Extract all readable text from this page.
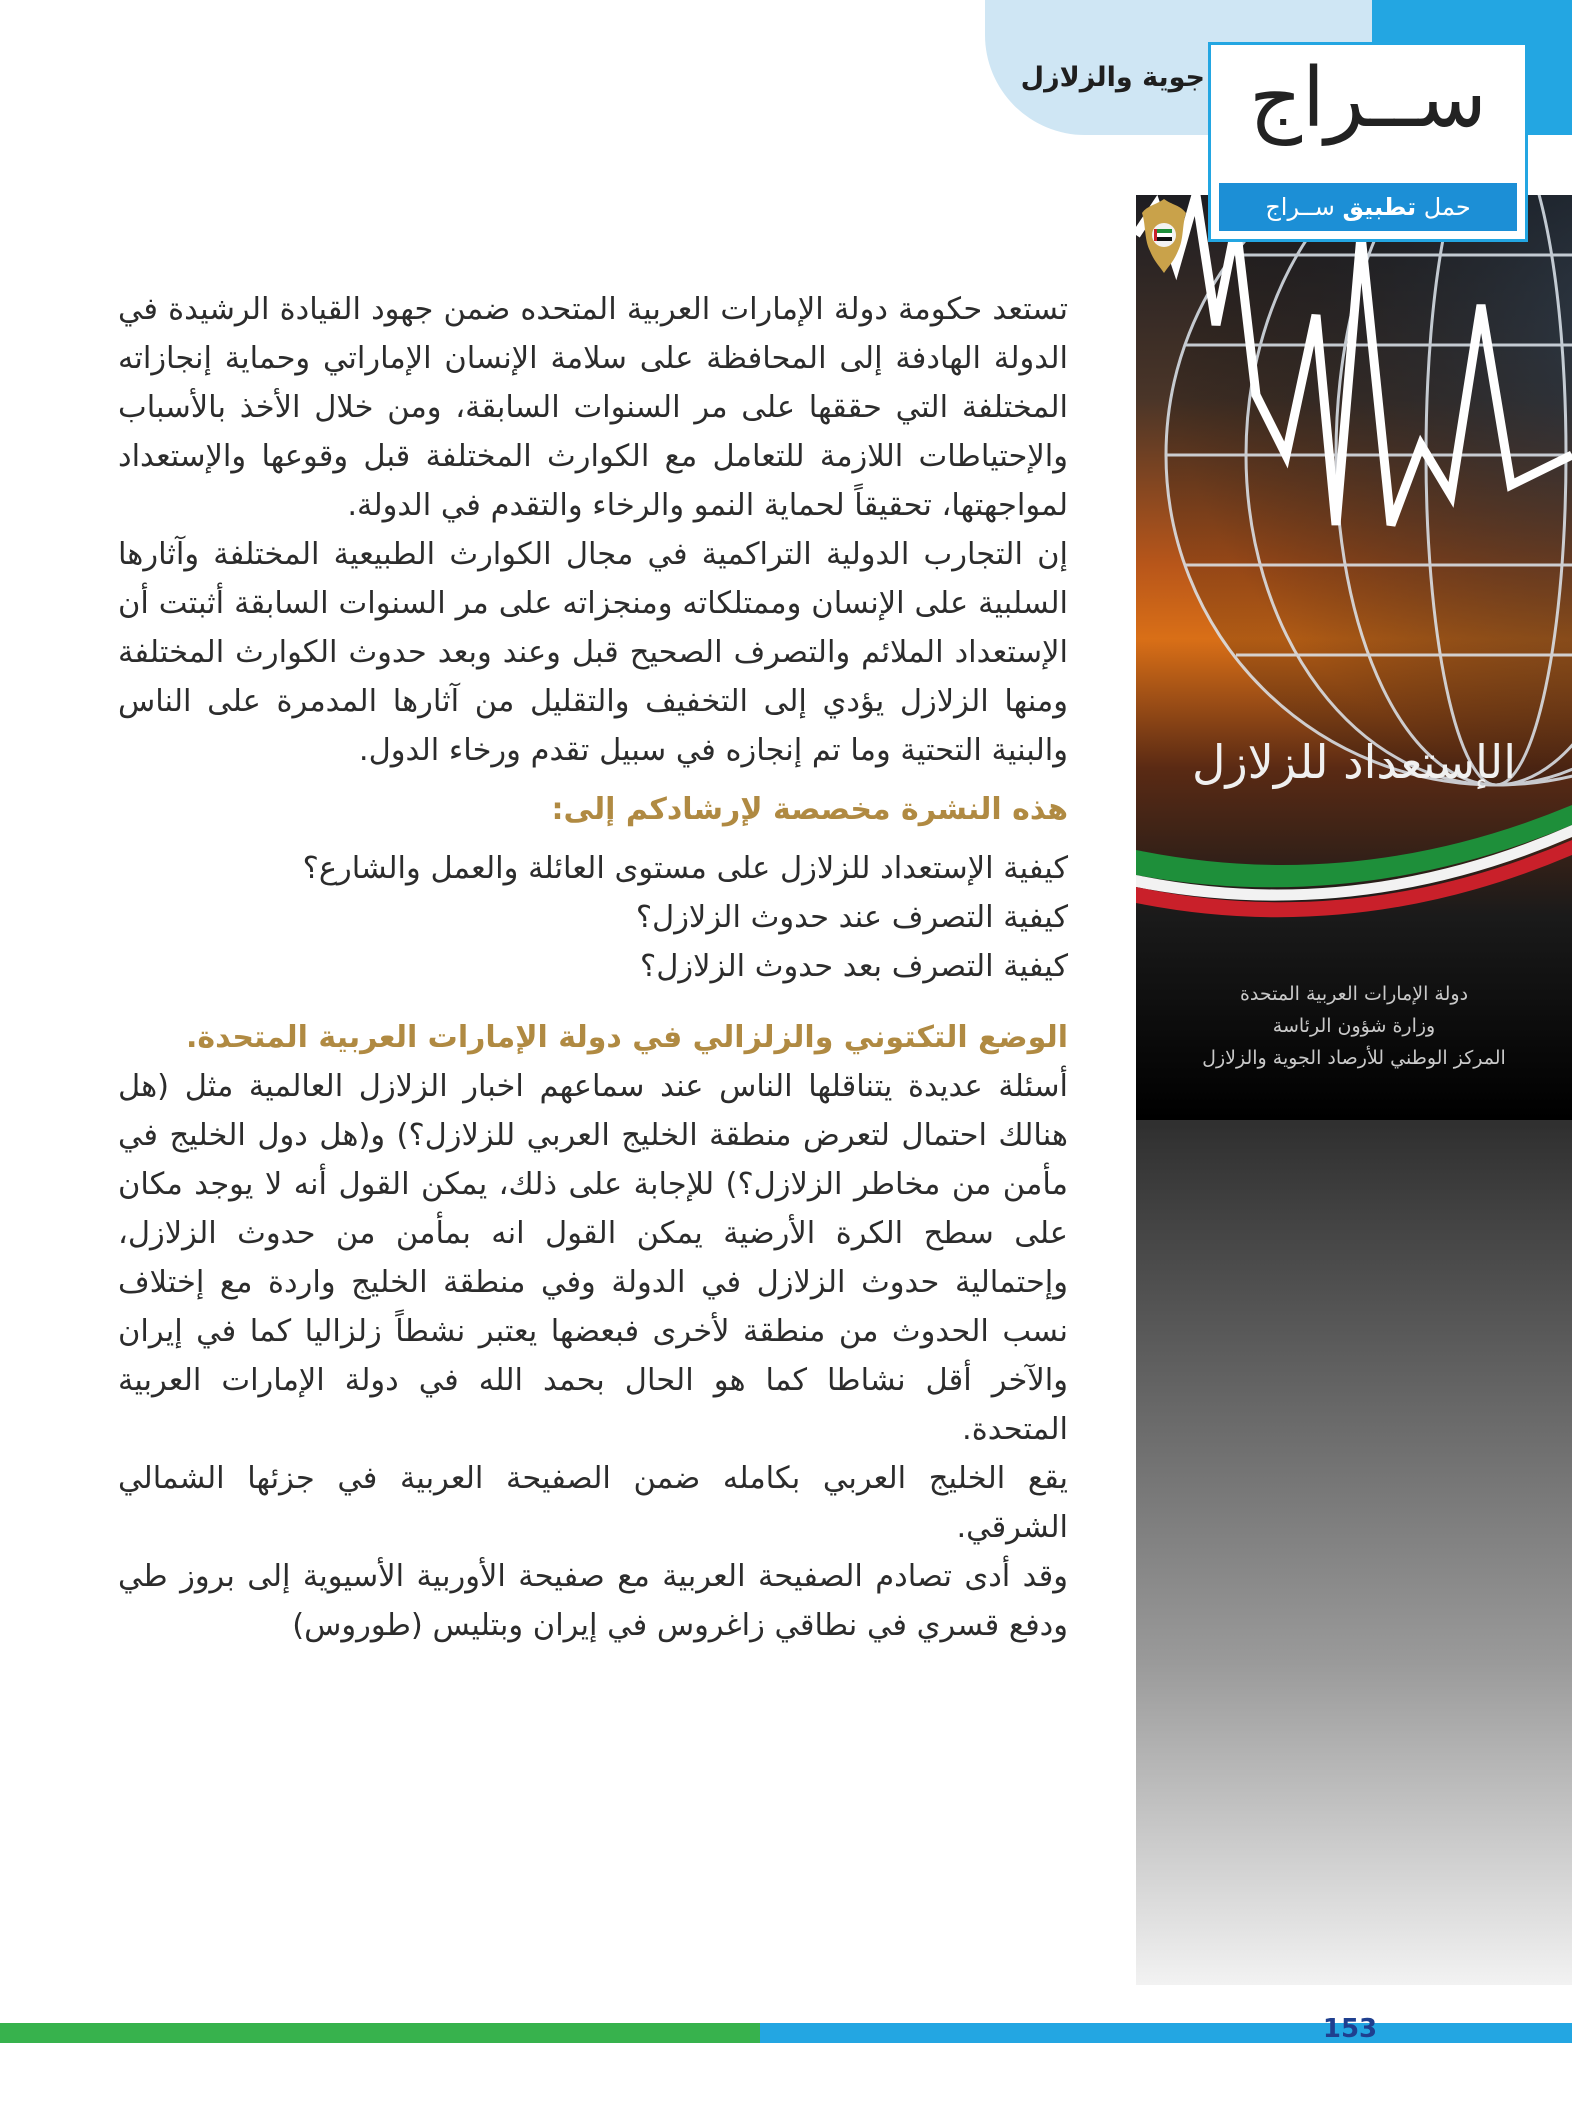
جوية والزلازل ســراج
حمل تطبيق ســراج
الإستعداد للزلازل
دولة الإمارات العربية المتحدة
وزارة شؤون الرئاسة
المركز الوطني للأرصاد الجوية والزلازل

تستعد حكومة دولة الإمارات العربية المتحده ضمن جهود القيادة الرشيدة في الدولة الهادفة إلى المحافظة على سلامة الإنسان الإماراتي وحماية إنجازاته المختلفة التي حققها على مر السنوات السابقة، ومن خلال الأخذ بالأسباب والإحتياطات اللازمة للتعامل مع الكوارث المختلفة قبل وقوعها والإستعداد لمواجهتها، تحقيقاً لحماية النمو والرخاء والتقدم في الدولة.

إن التجارب الدولية التراكمية في مجال الكوارث الطبيعية المختلفة وآثارها السلبية على الإنسان وممتلكاته ومنجزاته على مر السنوات السابقة أثبتت أن الإستعداد الملائم والتصرف الصحيح قبل وعند وبعد حدوث الكوارث المختلفة ومنها الزلازل يؤدي إلى التخفيف والتقليل من آثارها المدمرة على الناس والبنية التحتية وما تم إنجازه في سبيل تقدم ورخاء الدول.

هذه النشرة مخصصة لإرشادكم إلى:

كيفية الإستعداد للزلازل على مستوى العائلة والعمل والشارع؟

كيفية التصرف عند حدوث الزلازل؟

كيفية التصرف بعد حدوث الزلازل؟

الوضع التكتوني والزلزالي في دولة الإمارات العربية المتحدة.

أسئلة عديدة يتناقلها الناس عند سماعهم اخبار الزلازل العالمية مثل (هل هنالك احتمال لتعرض منطقة الخليج العربي للزلازل؟) و(هل دول الخليج في مأمن من مخاطر الزلازل؟) للإجابة على ذلك، يمكن القول أنه لا يوجد مكان على سطح الكرة الأرضية يمكن القول انه بمأمن من حدوث الزلازل، وإحتمالية حدوث الزلازل في الدولة وفي منطقة الخليج واردة مع إختلاف نسب الحدوث من منطقة لأخرى فبعضها يعتبر نشطاً زلزاليا كما في إيران والآخر أقل نشاطا كما هو الحال بحمد الله في دولة الإمارات العربية المتحدة.

يقع الخليج العربي بكامله ضمن الصفيحة العربية في جزئها الشمالي الشرقي.

وقد أدى تصادم الصفيحة العربية مع صفيحة الأوربية الأسيوية إلى بروز طي ودفع قسري في نطاقي زاغروس في إيران وبتليس (طوروس)

153
